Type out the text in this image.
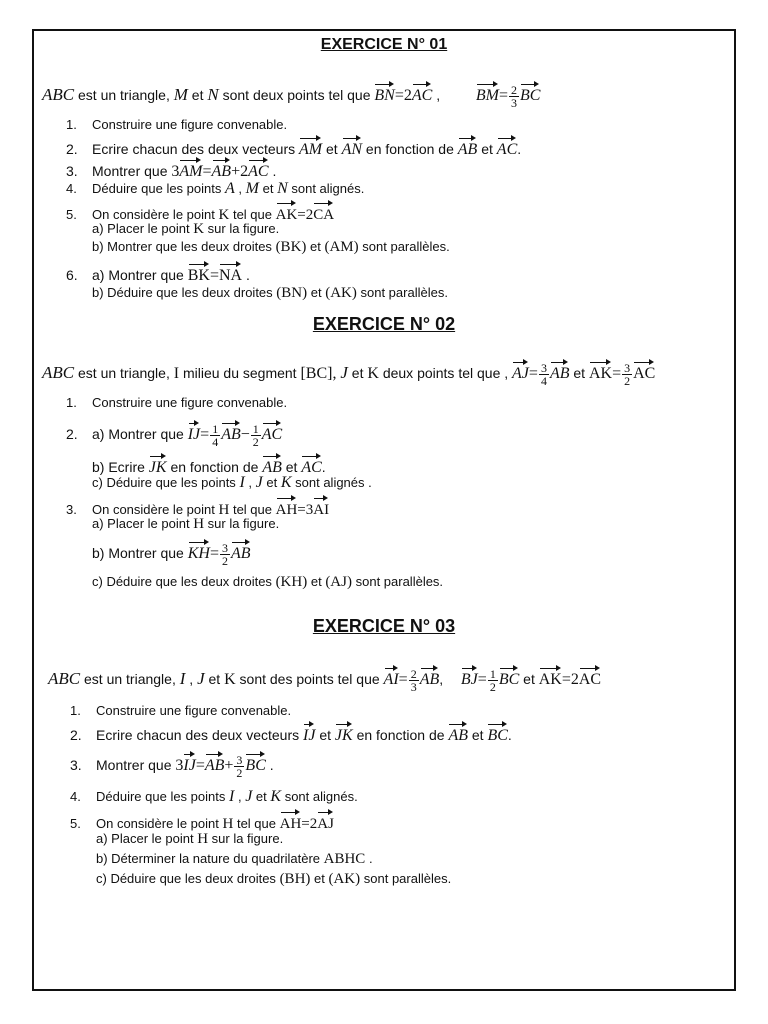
EXERCICE N° 01
ABC est un triangle, M et N sont deux points tel que BN=2AC , $BM= \frac{2}{3}$ BC
1. Construire une figure convenable.
2. Ecrire chacun des deux vecteurs AM et AN en fonction de AB et AC.
3. Montrer que 3AM=AB+2AC .
4. Déduire que les points A , M et N sont alignés.
5. On considère le point K tel que AK=2CA
a) Placer le point K sur la figure.
b) Montrer que les deux droites (BK) et (AM) sont parallèles.
6. a) Montrer que BK=NA .
b) Déduire que les deux droites (BN) et (AK) sont parallèles.
EXERCICE N° 02
ABC est un triangle, I milieu du segment [BC], J et K deux points tel que , $AJ= \frac{3}{4}$ AB et $AK= \frac{3}{2}$ AC
1. Construire une figure convenable.
2. a) Montrer que $IJ= \frac{1}{4} AB- \frac{1}{2}$ AC
b) Ecrire JK en fonction de AB et AC.
c) Déduire que les points I , J et K sont alignés .
3. On considère le point H tel que AH=3AI
a) Placer le point H sur la figure.
b) Montrer que $KH= \frac{3}{2}$ AB
c) Déduire que les deux droites (KH) et (AJ) sont parallèles.
EXERCICE N° 03
ABC est un triangle, I , J et K sont des points tel que $AI= \frac{2}{3}$ AB, $BJ= \frac{1}{2}$ BC et AK=2AC
1. Construire une figure convenable.
2. Ecrire chacun des deux vecteurs IJ et JK en fonction de AB et BC.
3. Montrer que $3IJ=AB+ \frac{3}{2}$ BC .
4. Déduire que les points I , J et K sont alignés.
5. On considère le point H tel que AH=2AJ
a) Placer le point H sur la figure.
b) Déterminer la nature du quadrilatère ABHC .
c) Déduire que les deux droites (BH) et (AK) sont parallèles.
